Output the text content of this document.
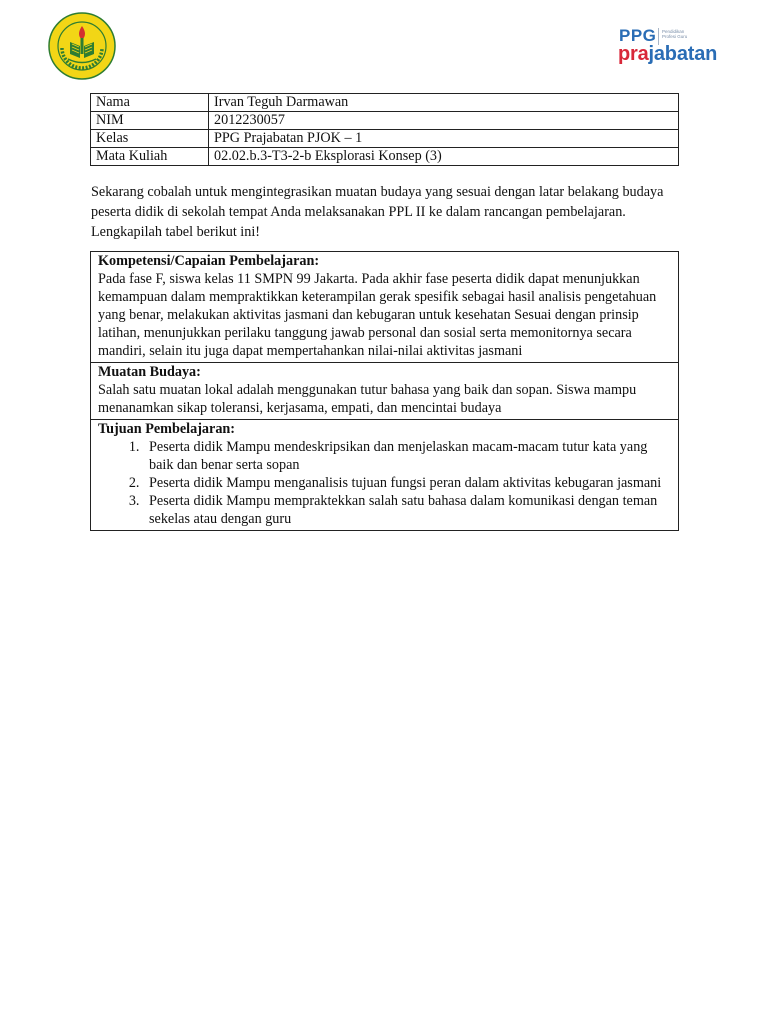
PPG Pendidikan Profesi Guru
prajabatan
Nama	Irvan Teguh Darmawan
NIM	2012230057
Kelas	PPG Prajabatan PJOK – 1
Mata Kuliah	02.02.b.3-T3-2-b Eksplorasi Konsep (3)

Sekarang cobalah untuk mengintegrasikan muatan budaya yang sesuai dengan latar belakang budaya peserta didik di sekolah tempat Anda melaksanakan PPL II ke dalam rancangan pembelajaran. Lengkapilah tabel berikut ini!

Kompetensi/Capaian Pembelajaran:

Pada fase F, siswa kelas 11 SMPN 99 Jakarta. Pada akhir fase peserta didik dapat menunjukkan kemampuan dalam mempraktikkan keterampilan gerak spesifik sebagai hasil analisis pengetahuan yang benar, melakukan aktivitas jasmani dan kebugaran untuk kesehatan Sesuai dengan prinsip latihan, menunjukkan perilaku tanggung jawab personal dan sosial serta memonitornya secara mandiri, selain itu juga dapat mempertahankan nilai-nilai aktivitas jasmani

Muatan Budaya:

Salah satu muatan lokal adalah menggunakan tutur bahasa yang baik dan sopan. Siswa mampu menanamkan sikap toleransi, kerjasama, empati, dan mencintai budaya

Tujuan Pembelajaran:
1. Peserta didik Mampu mendeskripsikan dan menjelaskan macam-macam tutur kata yang baik dan benar serta sopan
2. Peserta didik Mampu menganalisis tujuan fungsi peran dalam aktivitas kebugaran jasmani
3. Peserta didik Mampu mempraktekkan salah satu bahasa dalam komunikasi dengan teman sekelas atau dengan guru
